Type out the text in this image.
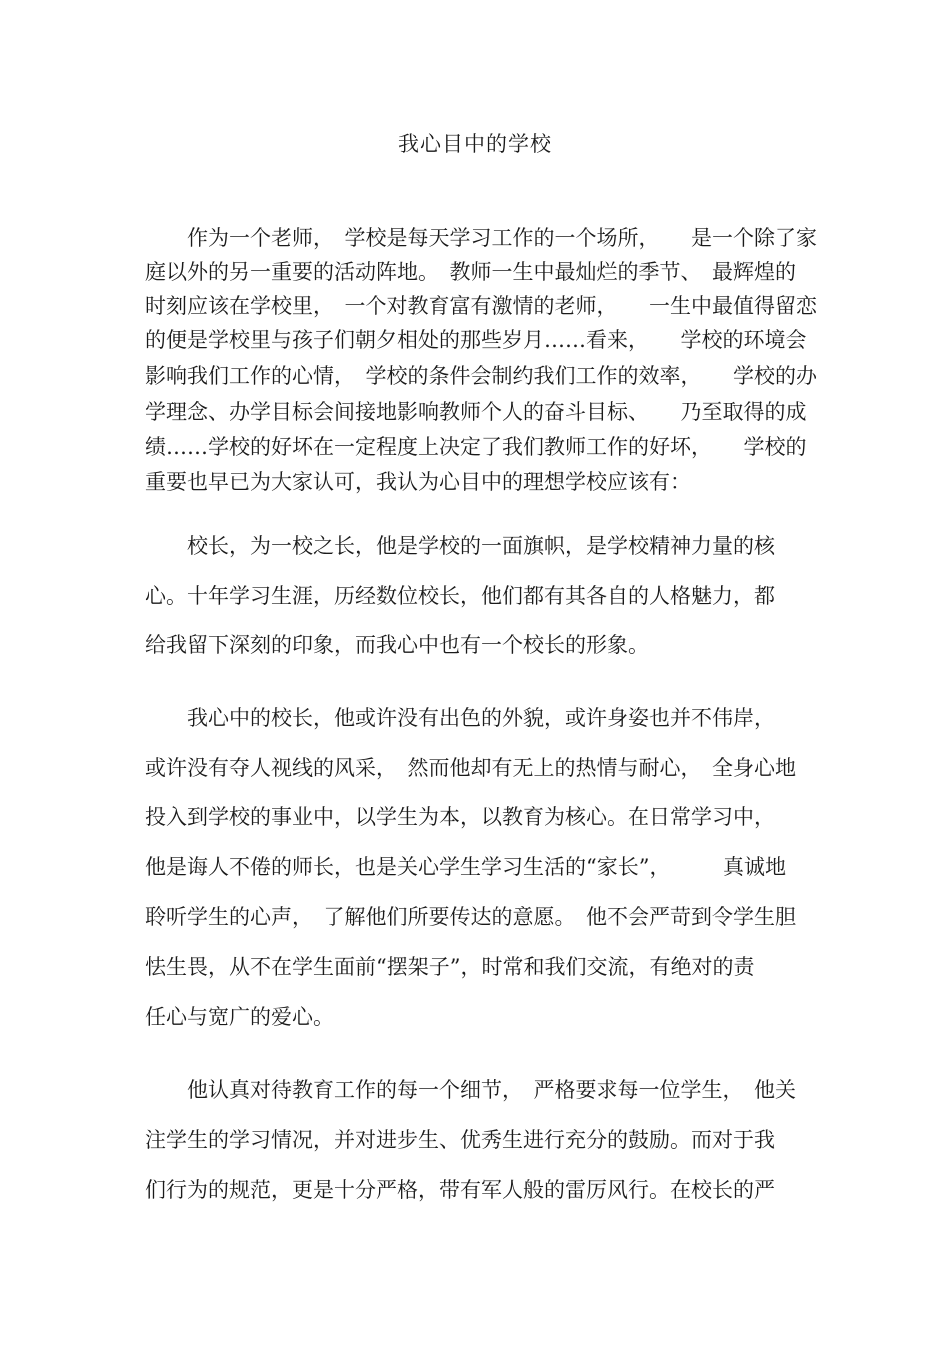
我心目中的学校
　　作为一个老师，　学校是每天学习工作的一个场所，　　是一个除了家
庭以外的另一重要的活动阵地。　教师一生中最灿烂的季节、　最辉煌的
时刻应该在学校里，　一个对教育富有激情的老师，　　一生中最值得留恋
的便是学校里与孩子们朝夕相处的那些岁月……看来，　　学校的环境会
影响我们工作的心情，　学校的条件会制约我们工作的效率，　　学校的办
学理念、办学目标会间接地影响教师个人的奋斗目标、　　乃至取得的成
绩……学校的好坏在一定程度上决定了我们教师工作的好坏，　　学校的
重要也早已为大家认可，我认为心目中的理想学校应该有：
　　校长，为一校之长，他是学校的一面旗帜，是学校精神力量的核
心。十年学习生涯，历经数位校长，他们都有其各自的人格魅力，都
给我留下深刻的印象，而我心中也有一个校长的形象。
　　我心中的校长，他或许没有出色的外貌，或许身姿也并不伟岸，
或许没有夺人视线的风采，　然而他却有无上的热情与耐心，　全身心地
投入到学校的事业中，以学生为本，以教育为核心。在日常学习中，
他是诲人不倦的师长，也是关心学生学习生活的“家长”，　　　真诚地
聆听学生的心声，　了解他们所要传达的意愿。　他不会严苛到令学生胆
怯生畏，从不在学生面前“摆架子”，时常和我们交流，有绝对的责
任心与宽广的爱心。
　　他认真对待教育工作的每一个细节，　严格要求每一位学生，　他关
注学生的学习情况，并对进步生、优秀生进行充分的鼓励。而对于我
们行为的规范，更是十分严格，带有军人般的雷厉风行。在校长的严
